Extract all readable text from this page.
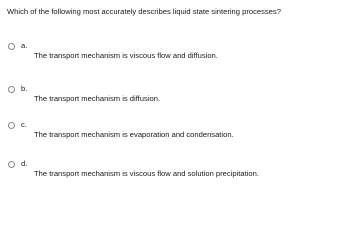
Which of the following most accurately describes liquid state sintering processes?
a.
The transport mechanism is viscous flow and diffusion.
b.
The transport mechanism is diffusion.
c.
The transport mechanism is evaporation and condensation.
d.
The transport mechanism is viscous flow and solution precipitation.
